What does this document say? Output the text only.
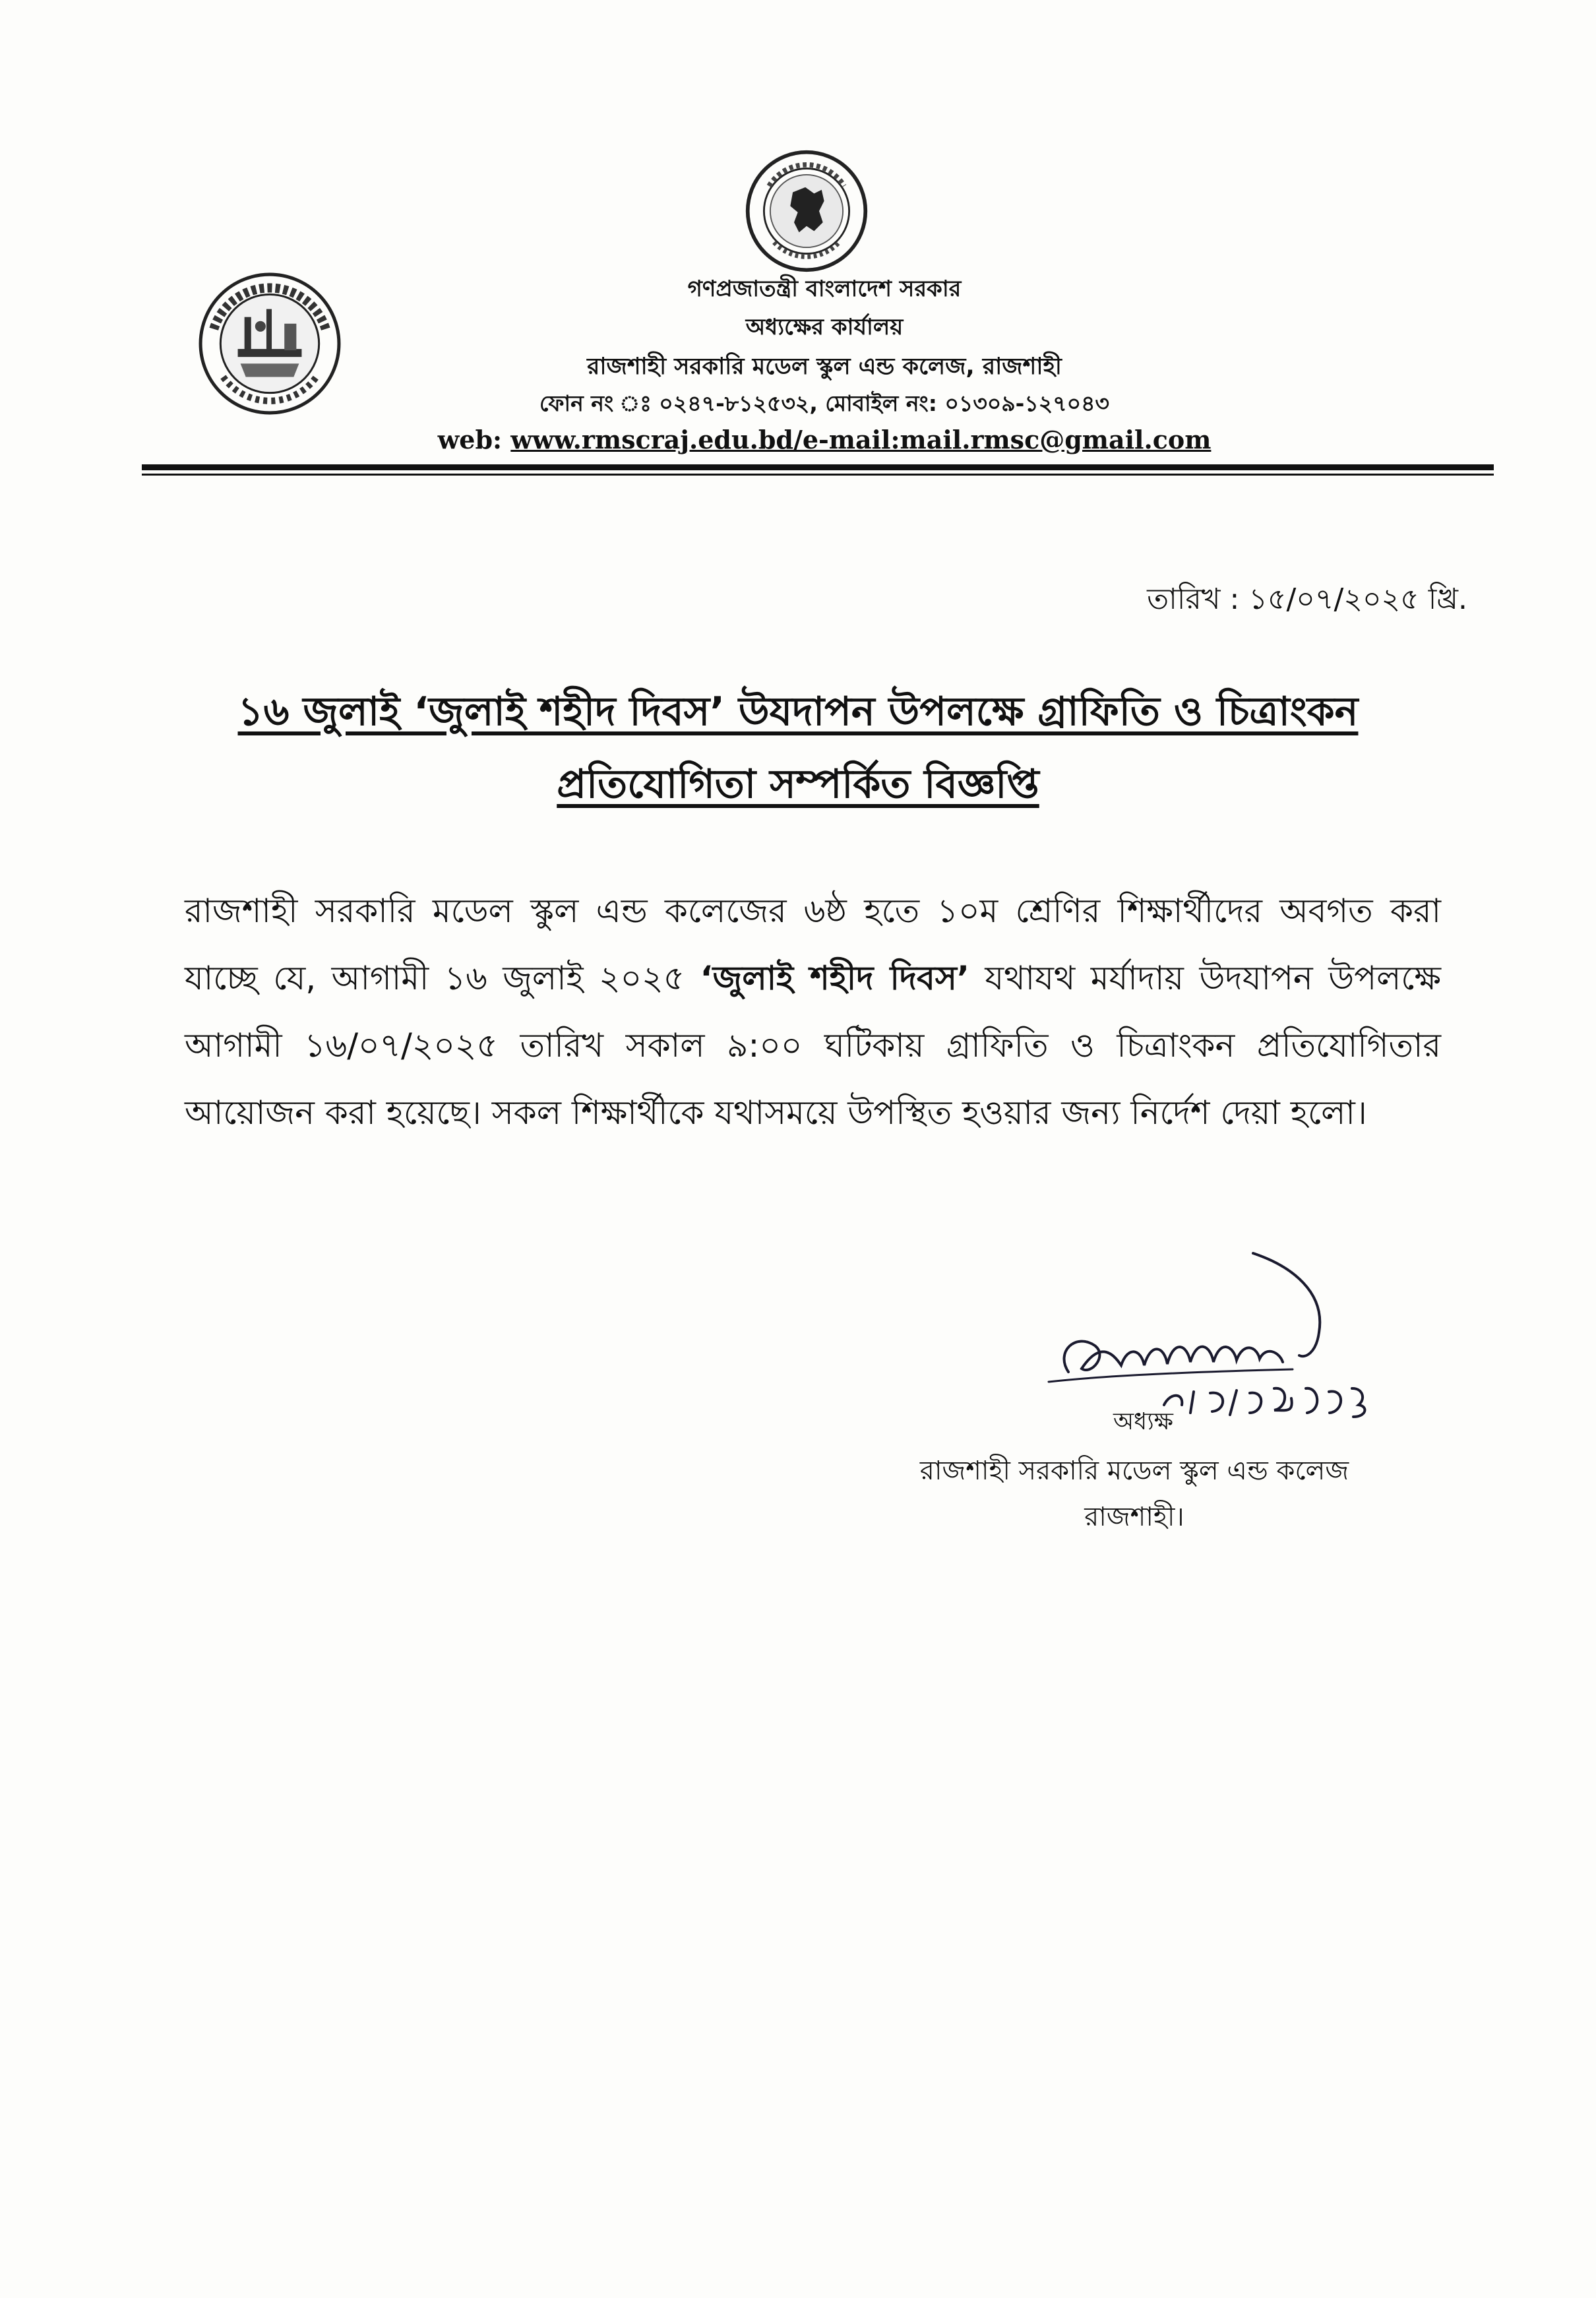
গণপ্রজাতন্ত্রী বাংলাদেশ সরকার
অধ্যক্ষের কার্যালয়
রাজশাহী সরকারি মডেল স্কুল এন্ড কলেজ, রাজশাহী
ফোন নং ঃ ০২৪৭-৮১২৫৩২, মোবাইল নং: ০১৩০৯-১২৭০৪৩
web: www.rmscraj.edu.bd/e-mail:mail.rmsc@gmail.com
তারিখ : ১৫/০৭/২০২৫ খ্রি.
১৬ জুলাই ‘জুলাই শহীদ দিবস’ উযদাপন উপলক্ষে গ্রাফিতি ও চিত্রাংকন
প্রতিযোগিতা সম্পর্কিত বিজ্ঞপ্তি
রাজশাহী সরকারি মডেল স্কুল এন্ড কলেজের ৬ষ্ঠ হতে ১০ম শ্রেণির শিক্ষার্থীদের অবগত করা যাচ্ছে যে, আগামী ১৬ জুলাই ২০২৫ ‘জুলাই শহীদ দিবস’ যথাযথ মর্যাদায় উদযাপন উপলক্ষে আগামী ১৬/০৭/২০২৫ তারিখ সকাল ৯:০০ ঘটিকায় গ্রাফিতি ও চিত্রাংকন প্রতিযোগিতার আয়োজন করা হয়েছে। সকল শিক্ষার্থীকে যথাসময়ে উপস্থিত হওয়ার জন্য নির্দেশ দেয়া হলো।
অধ্যক্ষ
রাজশাহী সরকারি মডেল স্কুল এন্ড কলেজ
রাজশাহী।
